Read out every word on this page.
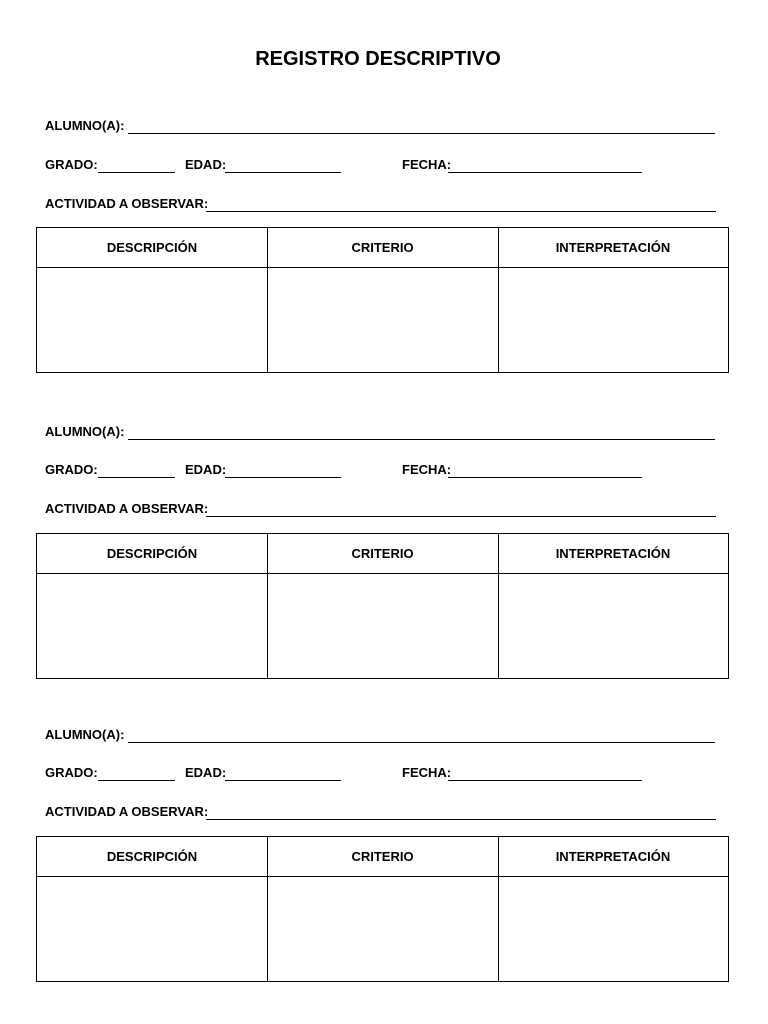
REGISTRO DESCRIPTIVO
ALUMNO(A):
GRADO:	EDAD:	FECHA:
ACTIVIDAD A OBSERVAR:
DESCRIPCIÓN	CRITERIO	INTERPRETACIÓN
ALUMNO(A):
GRADO:	EDAD:	FECHA:
ACTIVIDAD A OBSERVAR:
DESCRIPCIÓN	CRITERIO	INTERPRETACIÓN
ALUMNO(A):
GRADO:	EDAD:	FECHA:
ACTIVIDAD A OBSERVAR:
DESCRIPCIÓN	CRITERIO	INTERPRETACIÓN
